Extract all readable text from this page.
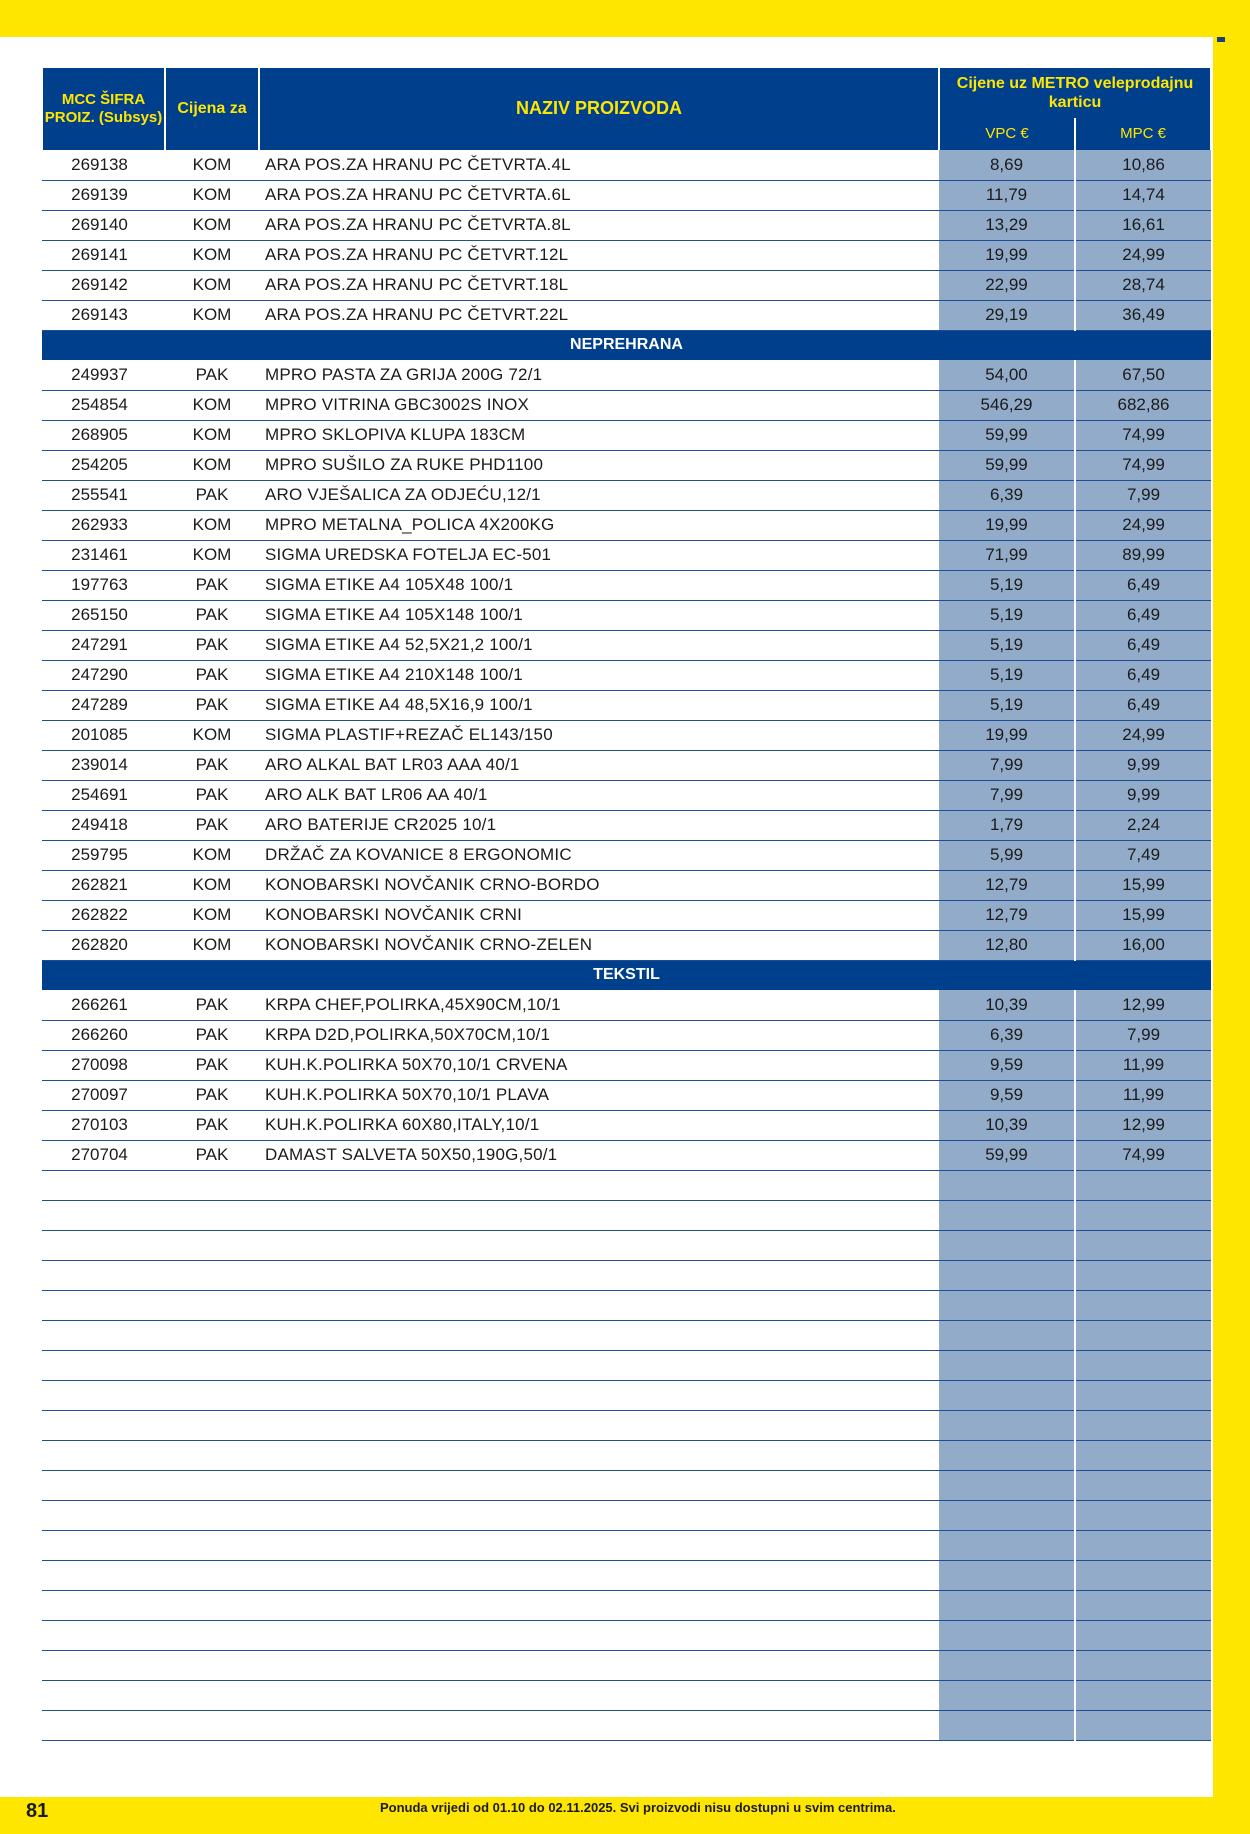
MCC ŠIFRA PROIZ. (Subsys)	Cijena za	NAZIV PROIZVODA	Cijene uz METRO veleprodajnu karticu	
			VPC €	MPC €
269138	KOM	ARA POS.ZA HRANU PC ČETVRTA.4L	8,69	10,86
269139	KOM	ARA POS.ZA HRANU PC ČETVRTA.6L	11,79	14,74
269140	KOM	ARA POS.ZA HRANU PC ČETVRTA.8L	13,29	16,61
269141	KOM	ARA POS.ZA HRANU PC ČETVRT.12L	19,99	24,99
269142	KOM	ARA POS.ZA HRANU PC ČETVRT.18L	22,99	28,74
269143	KOM	ARA POS.ZA HRANU PC ČETVRT.22L	29,19	36,49
NEPREHRANA				
249937	PAK	MPRO PASTA ZA GRIJA 200G 72/1	54,00	67,50
254854	KOM	MPRO VITRINA GBC3002S INOX	546,29	682,86
268905	KOM	MPRO SKLOPIVA KLUPA 183CM	59,99	74,99
254205	KOM	MPRO SUŠILO ZA RUKE PHD1100	59,99	74,99
255541	PAK	ARO VJEŠALICA ZA ODJEĆU,12/1	6,39	7,99
262933	KOM	MPRO METALNA_POLICA 4X200KG	19,99	24,99
231461	KOM	SIGMA UREDSKA FOTELJA EC-501	71,99	89,99
197763	PAK	SIGMA ETIKE A4 105X48 100/1	5,19	6,49
265150	PAK	SIGMA ETIKE A4 105X148 100/1	5,19	6,49
247291	PAK	SIGMA ETIKE A4 52,5X21,2 100/1	5,19	6,49
247290	PAK	SIGMA ETIKE A4 210X148 100/1	5,19	6,49
247289	PAK	SIGMA ETIKE A4 48,5X16,9 100/1	5,19	6,49
201085	KOM	SIGMA PLASTIF+REZAČ EL143/150	19,99	24,99
239014	PAK	ARO ALKAL BAT LR03 AAA 40/1	7,99	9,99
254691	PAK	ARO ALK BAT LR06 AA 40/1	7,99	9,99
249418	PAK	ARO BATERIJE CR2025 10/1	1,79	2,24
259795	KOM	DRŽAČ ZA KOVANICE 8 ERGONOMIC	5,99	7,49
262821	KOM	KONOBARSKI NOVČANIK CRNO-BORDO	12,79	15,99
262822	KOM	KONOBARSKI NOVČANIK CRNI	12,79	15,99
262820	KOM	KONOBARSKI NOVČANIK CRNO-ZELEN	12,80	16,00
TEKSTIL				
266261	PAK	KRPA CHEF,POLIRKA,45X90CM,10/1	10,39	12,99
266260	PAK	KRPA D2D,POLIRKA,50X70CM,10/1	6,39	7,99
270098	PAK	KUH.K.POLIRKA 50X70,10/1 CRVENA	9,59	11,99
270097	PAK	KUH.K.POLIRKA 50X70,10/1 PLAVA	9,59	11,99
270103	PAK	KUH.K.POLIRKA 60X80,ITALY,10/1	10,39	12,99
270704	PAK	DAMAST SALVETA 50X50,190G,50/1	59,99	74,99

81	Ponuda vrijedi od 01.10 do 02.11.2025. Svi proizvodi nisu dostupni u svim centrima.
